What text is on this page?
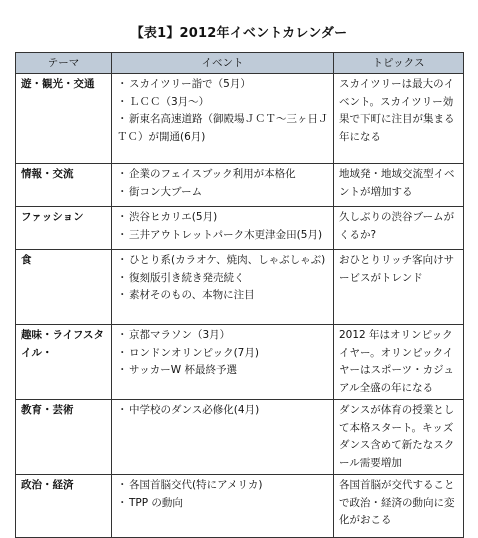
【表1】2012年イベントカレンダー
テーマ	イベント	トピックス
遊・観光・交通	・ スカイツリー詣で（5月）
・ ＬＣＣ（3月〜）
・ 新東名高速道路（御殿場ＪＣＴ〜三ヶ日Ｊ
ＴＣ）が開通(6月)	スカイツリーは最大のイベント。スカイツリー効果で下町に注目が集まる年になる
情報・交流	・ 企業のフェイスブック利用が本格化
・ 街コン大ブーム	地域発・地域交流型イベントが増加する
ファッション	・ 渋谷ヒカリエ(5月)
・ 三井アウトレットパーク木更津金田(5月)	久しぶりの渋谷ブームがくるか?
食	・ ひとり系(カラオケ、焼肉、しゃぶしゃぶ)
・ 復刻版引き続き発売続く
・ 素材そのもの、本物に注目	おひとりリッチ客向けサービスがトレンド
趣味・ライフスタイル・	・ 京都マラソン（3月）
・ ロンドンオリンピック(7月)
・ サッカーW 杯最終予選	2012 年はオリンピックイヤー。オリンピックイヤーはスポーツ・カジュアル全盛の年になる
教育・芸術	・ 中学校のダンス必修化(4月)	ダンスが体育の授業として本格スタート。キッズダンス含めて新たなスクール需要増加
政治・経済	・ 各国首脳交代(特にアメリカ)
・ TPP の動向	各国首脳が交代することで政治・経済の動向に変化がおこる
